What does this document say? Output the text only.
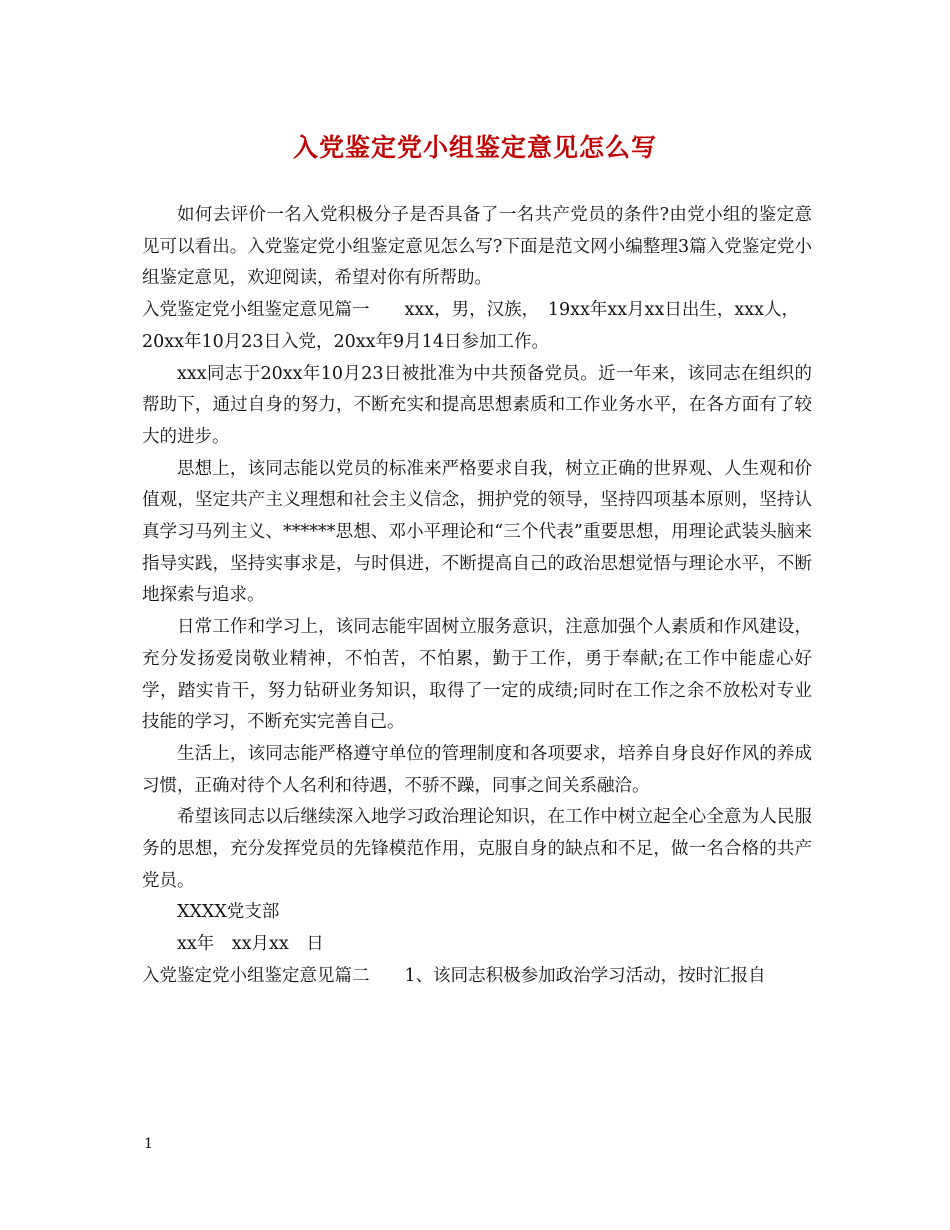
入党鉴定党小组鉴定意见怎么写

如何去评价一名入党积极分子是否具备了一名共产党员的条件?由党小组的鉴定意见可以看出。入党鉴定党小组鉴定意见怎么写?下面是范文网小编整理3篇入党鉴定党小组鉴定意见，欢迎阅读，希望对你有所帮助。

入党鉴定党小组鉴定意见篇一　　xxx，男，汉族，　19xx年xx月xx日出生，xxx人，20xx年10月23日入党，20xx年9月14日参加工作。

xxx同志于20xx年10月23日被批准为中共预备党员。近一年来，该同志在组织的帮助下，通过自身的努力，不断充实和提高思想素质和工作业务水平，在各方面有了较大的进步。

思想上，该同志能以党员的标准来严格要求自我，树立正确的世界观、人生观和价值观，坚定共产主义理想和社会主义信念，拥护党的领导，坚持四项基本原则，坚持认真学习马列主义、******思想、邓小平理论和“三个代表”重要思想，用理论武装头脑来指导实践，坚持实事求是，与时俱进，不断提高自己的政治思想觉悟与理论水平，不断地探索与追求。

日常工作和学习上，该同志能牢固树立服务意识，注意加强个人素质和作风建设，充分发扬爱岗敬业精神，不怕苦，不怕累，勤于工作，勇于奉献;在工作中能虚心好学，踏实肯干，努力钻研业务知识，取得了一定的成绩;同时在工作之余不放松对专业技能的学习，不断充实完善自己。

生活上，该同志能严格遵守单位的管理制度和各项要求，培养自身良好作风的养成习惯，正确对待个人名利和待遇，不骄不躁，同事之间关系融洽。

希望该同志以后继续深入地学习政治理论知识，在工作中树立起全心全意为人民服务的思想，充分发挥党员的先锋模范作用，克服自身的缺点和不足，做一名合格的共产党员。

XXXX党支部

xx年　xx月xx　日

入党鉴定党小组鉴定意见篇二　　1、该同志积极参加政治学习活动，按时汇报自

1
